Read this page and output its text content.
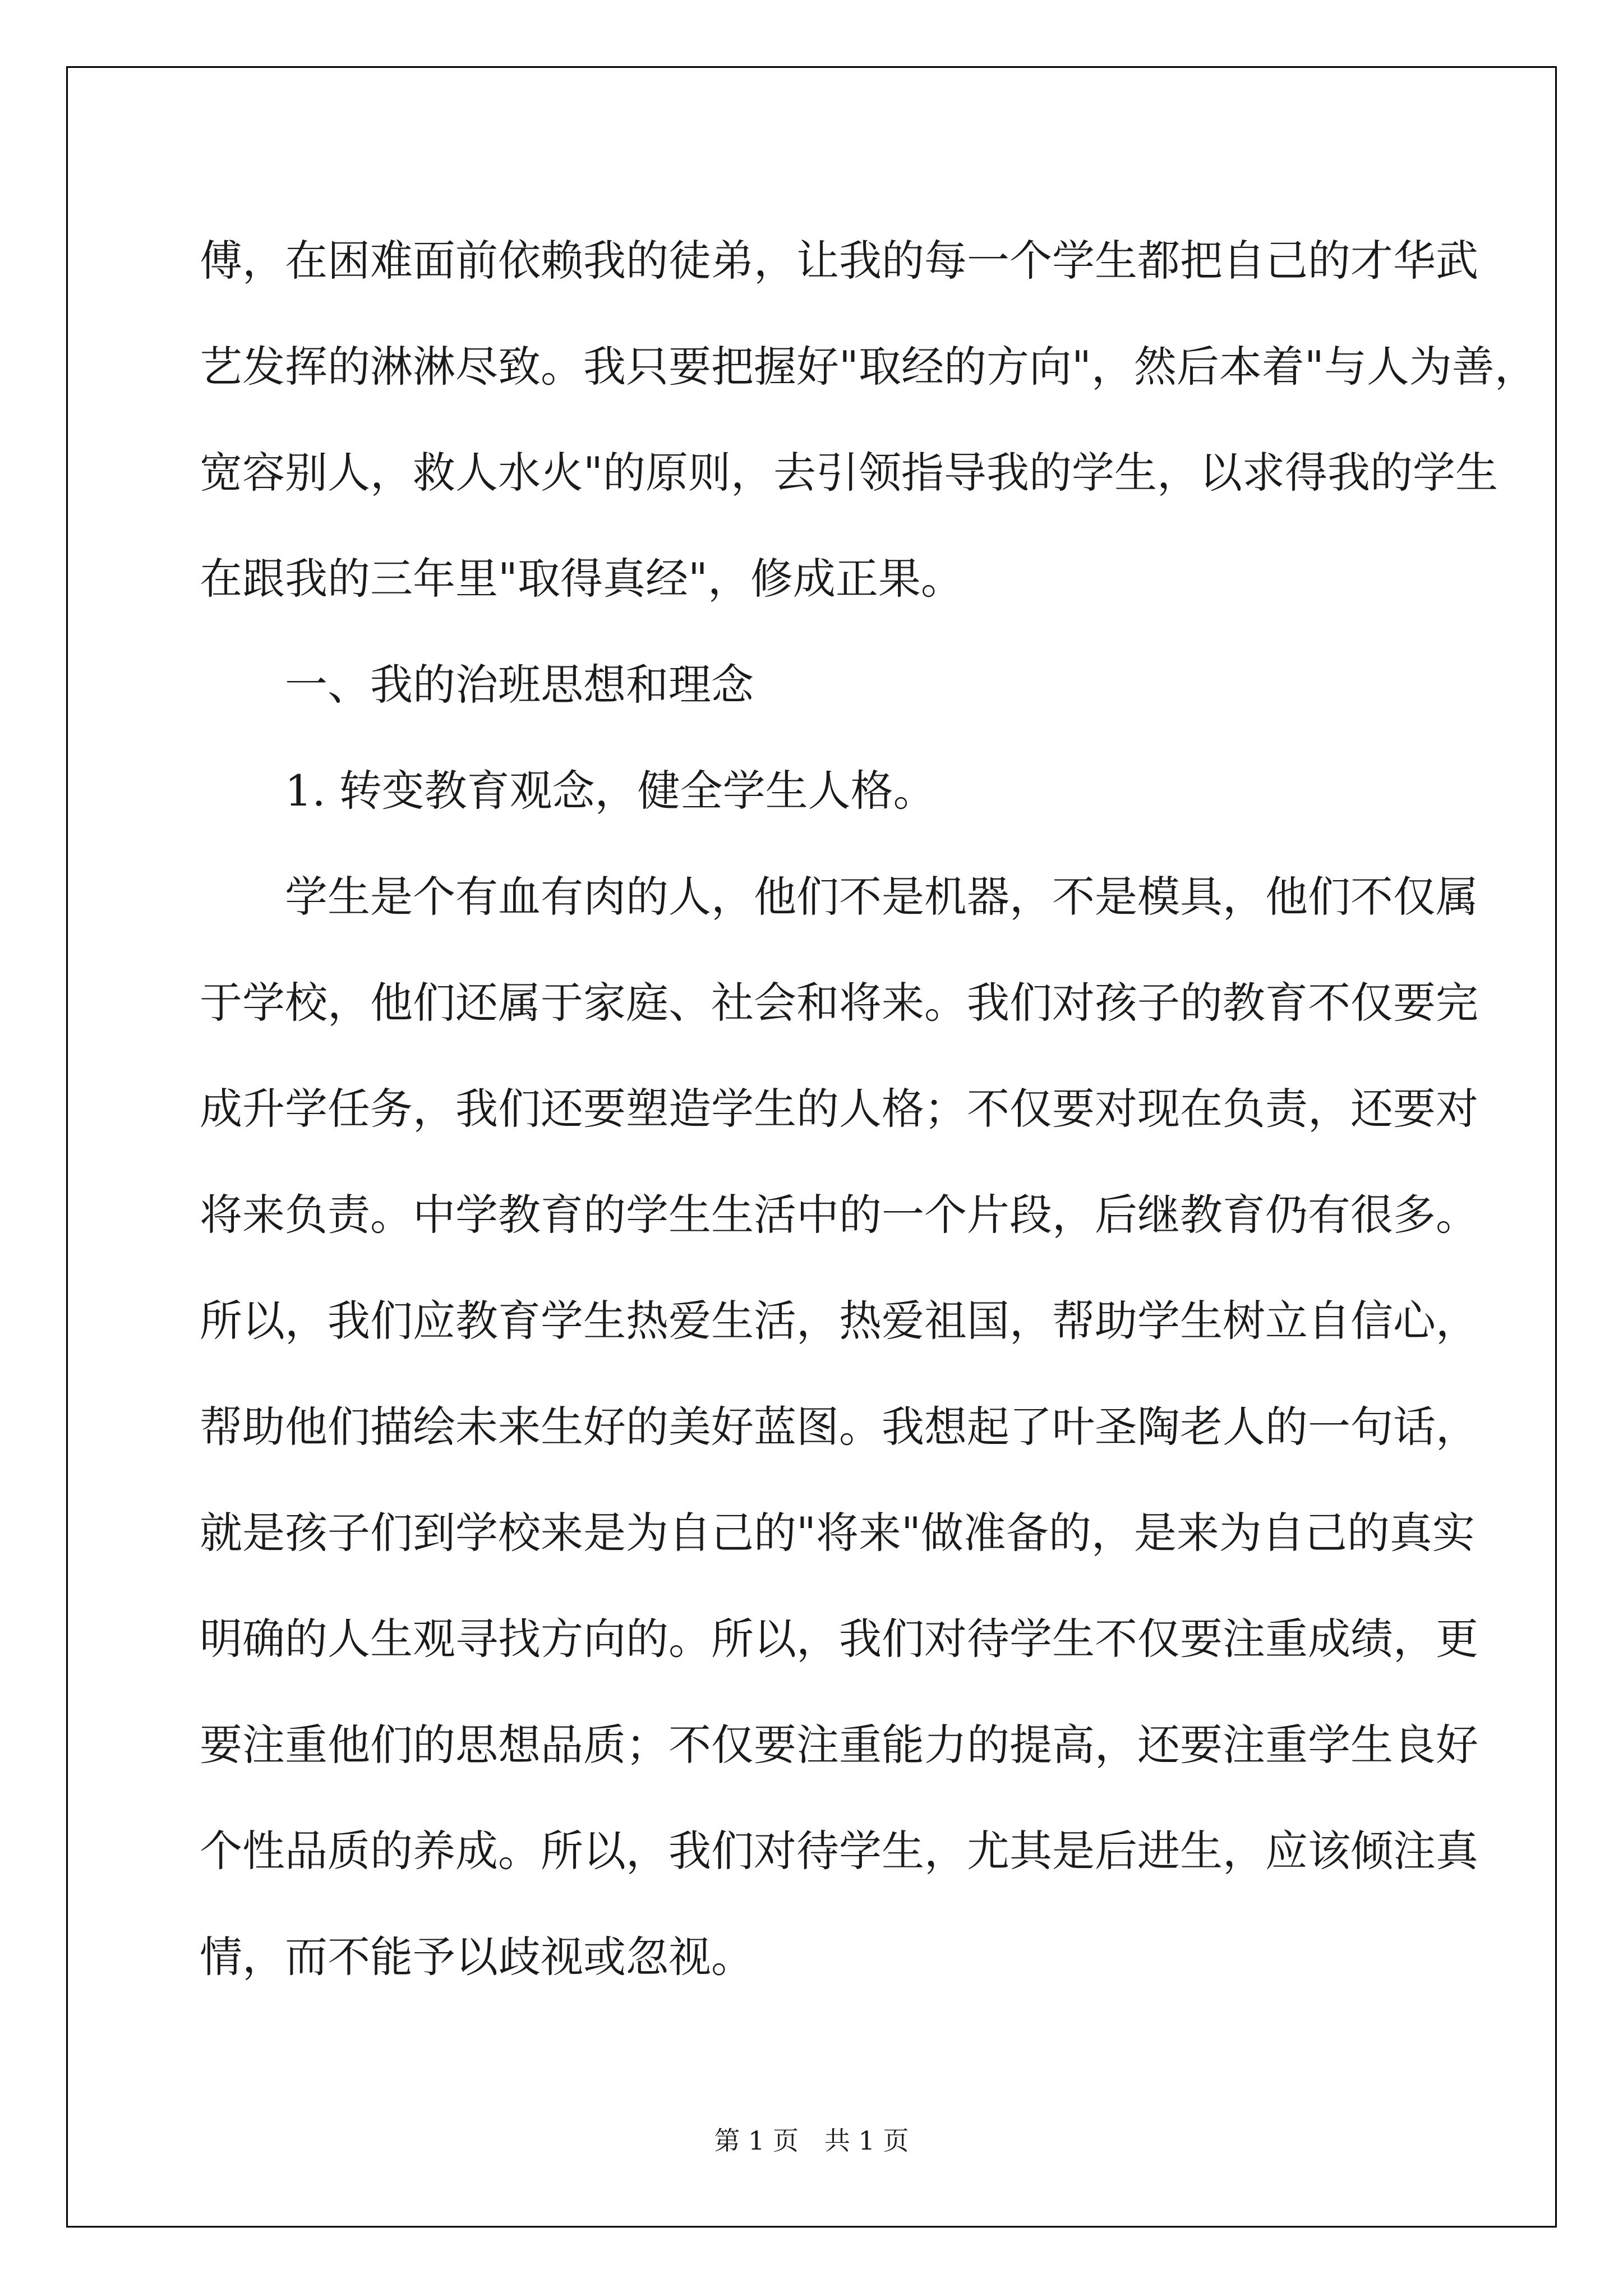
傅，在困难面前依赖我的徒弟，让我的每一个学生都把自己的才华武
艺发挥的淋淋尽致。我只要把握好"取经的方向"，然后本着"与人为善，
宽容别人，救人水火"的原则，去引领指导我的学生，以求得我的学生
在跟我的三年里"取得真经"，修成正果。
一、我的治班思想和理念
1. 转变教育观念，健全学生人格。
学生是个有血有肉的人，他们不是机器，不是模具，他们不仅属
于学校，他们还属于家庭、社会和将来。我们对孩子的教育不仅要完
成升学任务，我们还要塑造学生的人格；不仅要对现在负责，还要对
将来负责。中学教育的学生生活中的一个片段，后继教育仍有很多。
所以，我们应教育学生热爱生活，热爱祖国，帮助学生树立自信心，
帮助他们描绘未来生好的美好蓝图。我想起了叶圣陶老人的一句话，
就是孩子们到学校来是为自己的"将来"做准备的，是来为自己的真实
明确的人生观寻找方向的。所以，我们对待学生不仅要注重成绩，更
要注重他们的思想品质；不仅要注重能力的提高，还要注重学生良好
个性品质的养成。所以，我们对待学生，尤其是后进生，应该倾注真
情，而不能予以歧视或忽视。
第 1 页 共 1 页
